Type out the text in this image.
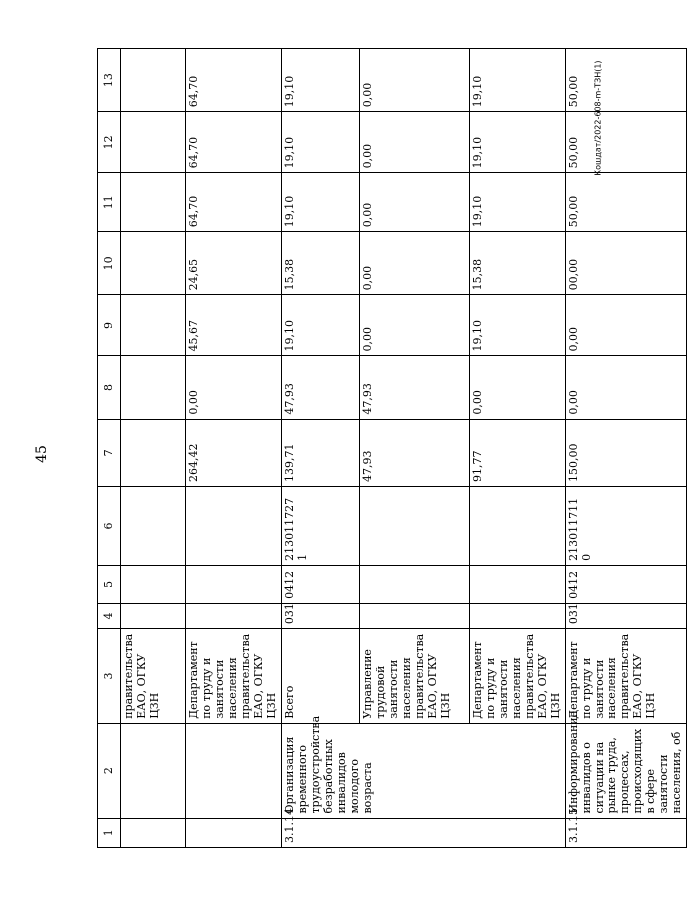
45
Кошдат/2022-608-m-ТЗН(1)
1	2	3	4	5	6	7	8	9	10	11	12	13
		правительства ЕАО, ОГКУ ЦЗН										
		Департамент по труду и занятости населения правительства ЕАО, ОГКУ ЦЗН				264,42	0,00	45,67	24,65	64,70	64,70	64,70
3.1.14	Организация временного трудоустройства безработных инвалидов молодого возраста	Всего	031	0412	2130117271	139,71	47,93	19,10	15,38	19,10	19,10	19,10
		Управление трудовой занятости населения правительства ЕАО, ОГКУ ЦЗН				47,93	47,93	0,00	0,00	0,00	0,00	0,00
		Департамент по труду и занятости населения правительства ЕАО, ОГКУ ЦЗН				91,77	0,00	19,10	15,38	19,10	19,10	19,10
3.1.15	Информирование инвалидов о ситуации на рынке труда, процессах, происходящих в сфере занятости населения, об	Департамент по труду и занятости населения правительства ЕАО, ОГКУ ЦЗН	031	0412	2130117110	150,00	0,00	0,00	00,00	50,00	50,00	50,00
